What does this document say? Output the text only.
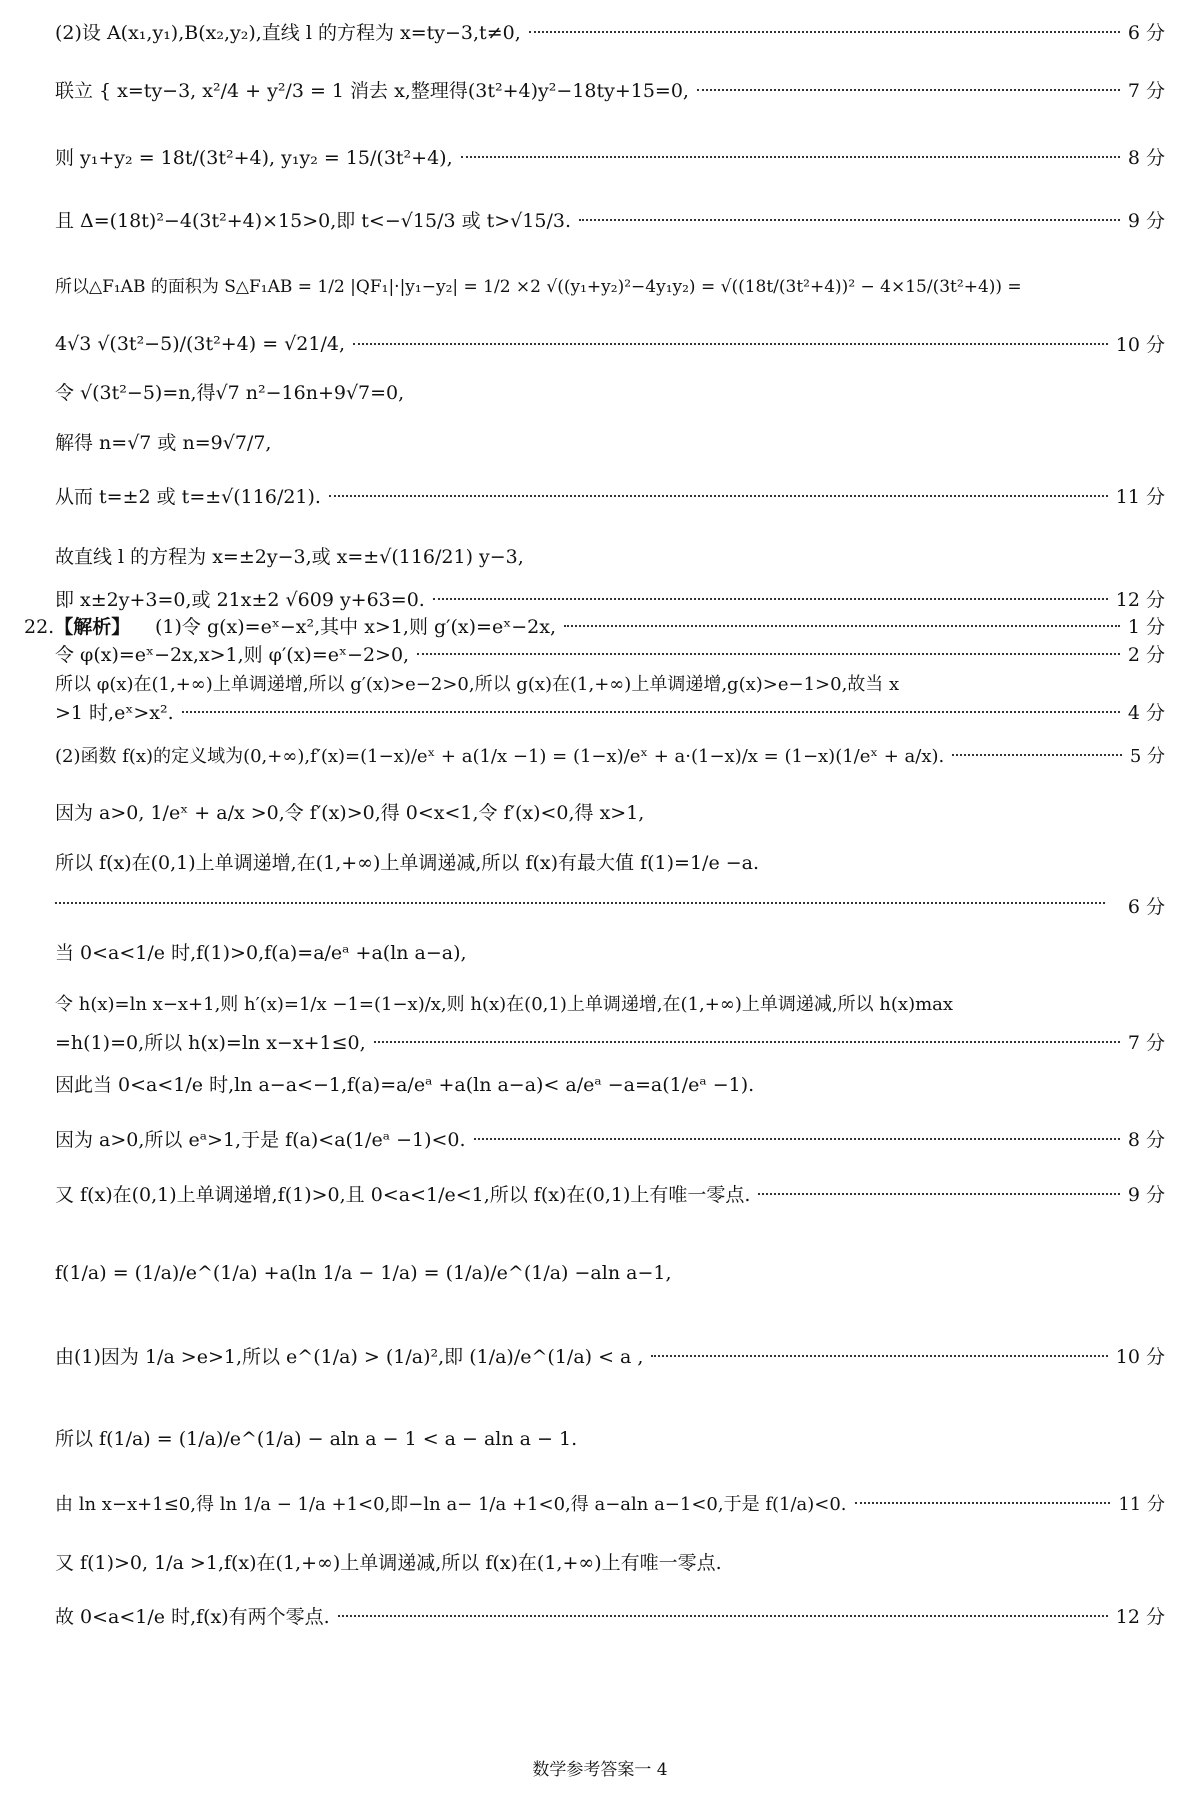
(2)设 A(x₁,y₁),B(x₂,y₂),直线 l 的方程为 x=ty−3,t≠0,	6 分
联立 { x=ty−3, x²/4 + y²/3 = 1 消去 x,整理得(3t²+4)y²−18ty+15=0,	7 分
则 y₁+y₂ = 18t/(3t²+4), y₁y₂ = 15/(3t²+4),	8 分
且 Δ=(18t)²−4(3t²+4)×15>0,即 t<−√15/3 或 t>√15/3.	9 分
所以△F₁AB 的面积为 S△F₁AB = 1/2 |QF₁|·|y₁−y₂| = 1/2 ×2 √((y₁+y₂)²−4y₁y₂) = √((18t/(3t²+4))² − 4×15/(3t²+4)) =
4√3 √(3t²−5)/(3t²+4) = √21/4,	10 分
令 √(3t²−5)=n,得√7 n²−16n+9√7=0,
解得 n=√7 或 n=9√7/7,
从而 t=±2 或 t=±√(116/21).	11 分
故直线 l 的方程为 x=±2y−3,或 x=±√(116/21) y−3,
即 x±2y+3=0,或 21x±2 √609 y+63=0.	12 分
22.【解析】 (1)令 g(x)=eˣ−x²,其中 x>1,则 g′(x)=eˣ−2x,	1 分
令 φ(x)=eˣ−2x,x>1,则 φ′(x)=eˣ−2>0,	2 分
所以 φ(x)在(1,+∞)上单调递增,所以 g′(x)>e−2>0,所以 g(x)在(1,+∞)上单调递增,g(x)>e−1>0,故当 x
>1 时,eˣ>x².	4 分
(2)函数 f(x)的定义域为(0,+∞),f′(x)=(1−x)/eˣ + a(1/x −1) = (1−x)/eˣ + a·(1−x)/x = (1−x)(1/eˣ + a/x).	5 分
因为 a>0, 1/eˣ + a/x >0,令 f′(x)>0,得 0<x<1,令 f′(x)<0,得 x>1,
所以 f(x)在(0,1)上单调递增,在(1,+∞)上单调递减,所以 f(x)有最大值 f(1)=1/e −a.
6 分
当 0<a<1/e 时,f(1)>0,f(a)=a/eᵃ +a(ln a−a),
令 h(x)=ln x−x+1,则 h′(x)=1/x −1=(1−x)/x,则 h(x)在(0,1)上单调递增,在(1,+∞)上单调递减,所以 h(x)max
=h(1)=0,所以 h(x)=ln x−x+1≤0,	7 分
因此当 0<a<1/e 时,ln a−a<−1,f(a)=a/eᵃ +a(ln a−a)< a/eᵃ −a=a(1/eᵃ −1).
因为 a>0,所以 eᵃ>1,于是 f(a)<a(1/eᵃ −1)<0.	8 分
又 f(x)在(0,1)上单调递增,f(1)>0,且 0<a<1/e<1,所以 f(x)在(0,1)上有唯一零点.	9 分
f(1/a) = (1/a)/e^(1/a) +a(ln 1/a − 1/a) = (1/a)/e^(1/a) −aln a−1,
由(1)因为 1/a >e>1,所以 e^(1/a) > (1/a)²,即 (1/a)/e^(1/a) < a ,	10 分
所以 f(1/a) = (1/a)/e^(1/a) − aln a − 1 < a − aln a − 1.
由 ln x−x+1≤0,得 ln 1/a − 1/a +1<0,即−ln a− 1/a +1<0,得 a−aln a−1<0,于是 f(1/a)<0.	11 分
又 f(1)>0, 1/a >1,f(x)在(1,+∞)上单调递减,所以 f(x)在(1,+∞)上有唯一零点.
故 0<a<1/e 时,f(x)有两个零点.	12 分
数学参考答案一 4
